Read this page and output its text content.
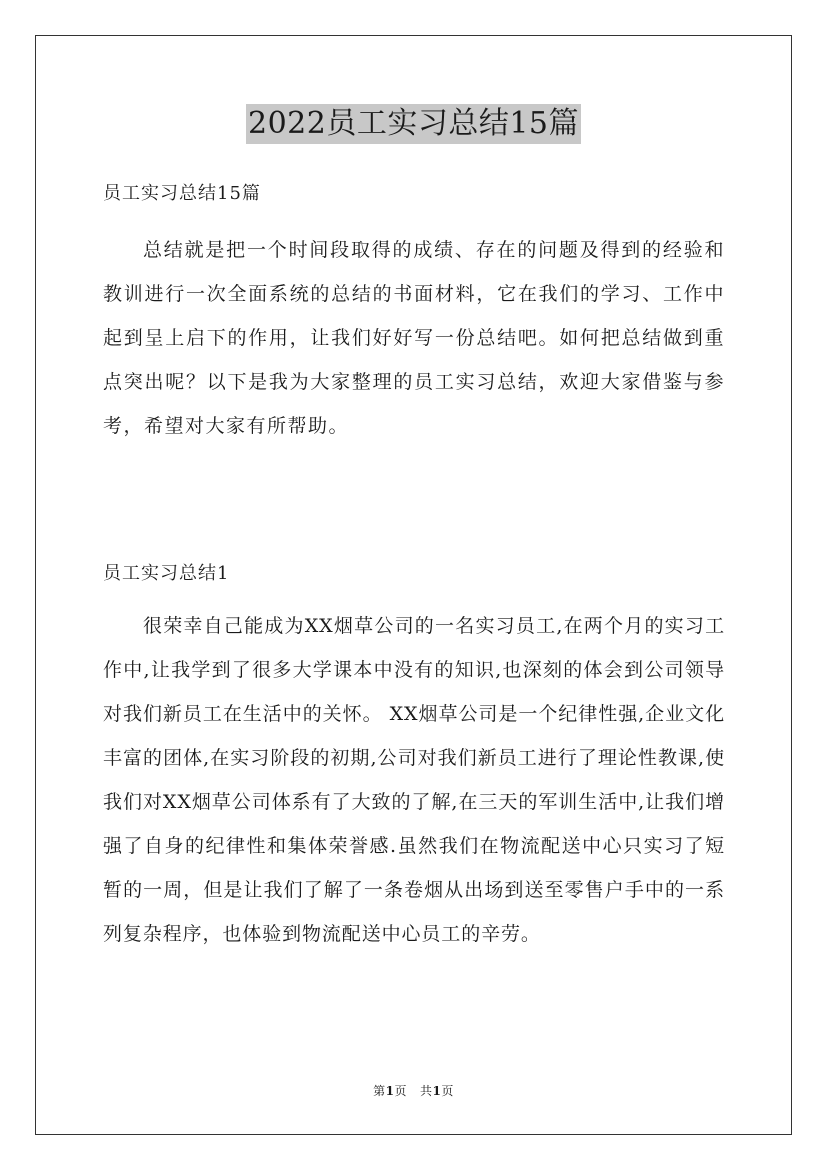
2022员工实习总结15篇
员工实习总结15篇
总结就是把一个时间段取得的成绩、存在的问题及得到的经验和教训进行一次全面系统的总结的书面材料，它在我们的学习、工作中起到呈上启下的作用，让我们好好写一份总结吧。如何把总结做到重点突出呢？以下是我为大家整理的员工实习总结，欢迎大家借鉴与参考，希望对大家有所帮助。
员工实习总结1
很荣幸自己能成为XX烟草公司的一名实习员工,在两个月的实习工作中,让我学到了很多大学课本中没有的知识,也深刻的体会到公司领导对我们新员工在生活中的关怀。 XX烟草公司是一个纪律性强,企业文化丰富的团体,在实习阶段的初期,公司对我们新员工进行了理论性教课,使我们对XX烟草公司体系有了大致的了解,在三天的军训生活中,让我们增强了自身的纪律性和集体荣誉感.虽然我们在物流配送中心只实习了短暂的一周，但是让我们了解了一条卷烟从出场到送至零售户手中的一系列复杂程序，也体验到物流配送中心员工的辛劳。
第1页   共1页
